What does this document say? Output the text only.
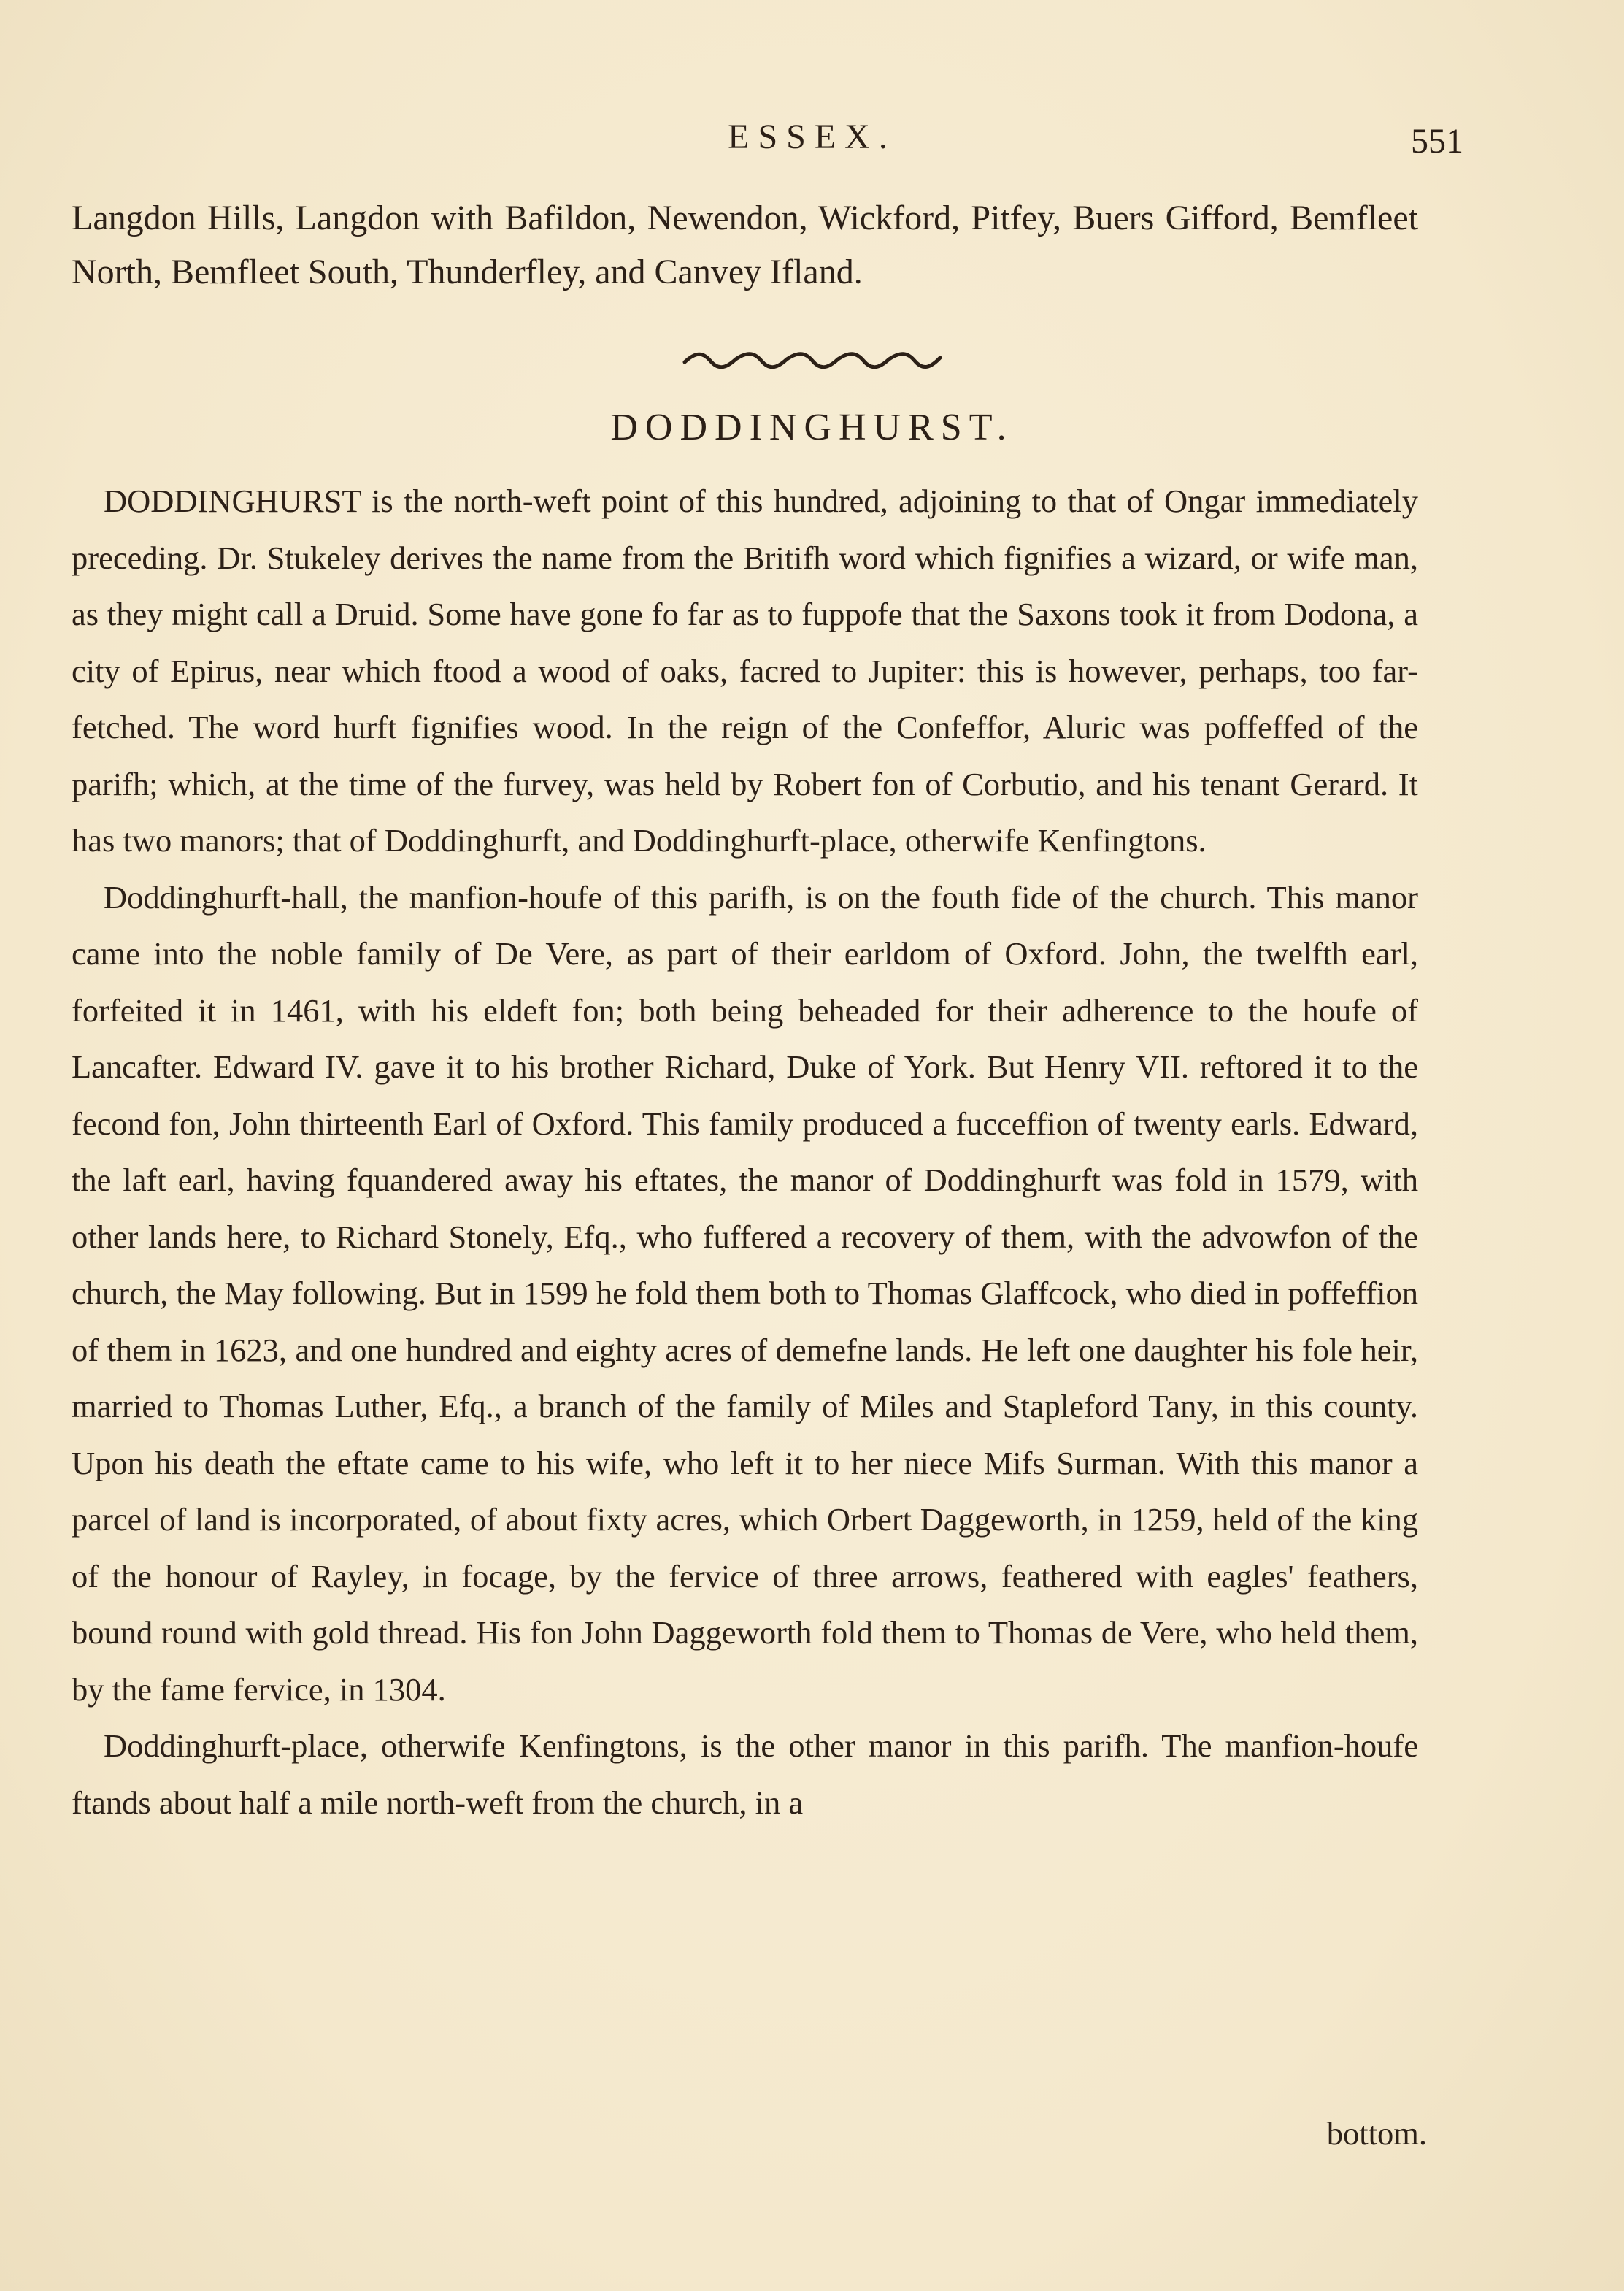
ESSEX.	551
Langdon Hills, Langdon with Bafildon, Newendon, Wickford, Pitfey, Buers Gifford, Bemfleet North, Bemfleet South, Thunderfley, and Canvey Ifland.
DODDINGHURST.

DODDINGHURST is the north-weft point of this hundred, adjoining to that of Ongar immediately preceding. Dr. Stukeley derives the name from the Britifh word which fignifies a wizard, or wife man, as they might call a Druid. Some have gone fo far as to fuppofe that the Saxons took it from Dodona, a city of Epirus, near which ftood a wood of oaks, facred to Jupiter: this is however, perhaps, too far-fetched. The word hurft fignifies wood. In the reign of the Confeffor, Aluric was poffeffed of the parifh; which, at the time of the furvey, was held by Robert fon of Corbutio, and his tenant Gerard. It has two manors; that of Doddinghurft, and Doddinghurft-place, otherwife Kenfingtons.

Doddinghurft-hall, the manfion-houfe of this parifh, is on the fouth fide of the church. This manor came into the noble family of De Vere, as part of their earldom of Oxford. John, the twelfth earl, forfeited it in 1461, with his eldeft fon; both being beheaded for their adherence to the houfe of Lancafter. Edward IV. gave it to his brother Richard, Duke of York. But Henry VII. reftored it to the fecond fon, John thirteenth Earl of Oxford. This family produced a fucceffion of twenty earls. Edward, the laft earl, having fquandered away his eftates, the manor of Doddinghurft was fold in 1579, with other lands here, to Richard Stonely, Efq., who fuffered a recovery of them, with the advowfon of the church, the May following. But in 1599 he fold them both to Thomas Glaffcock, who died in poffeffion of them in 1623, and one hundred and eighty acres of demefne lands. He left one daughter his fole heir, married to Thomas Luther, Efq., a branch of the family of Miles and Stapleford Tany, in this county. Upon his death the eftate came to his wife, who left it to her niece Mifs Surman. With this manor a parcel of land is incorporated, of about fixty acres, which Orbert Daggeworth, in 1259, held of the king of the honour of Rayley, in focage, by the fervice of three arrows, feathered with eagles' feathers, bound round with gold thread. His fon John Daggeworth fold them to Thomas de Vere, who held them, by the fame fervice, in 1304.

Doddinghurft-place, otherwife Kenfingtons, is the other manor in this parifh. The manfion-houfe ftands about half a mile north-weft from the church, in a

bottom.
